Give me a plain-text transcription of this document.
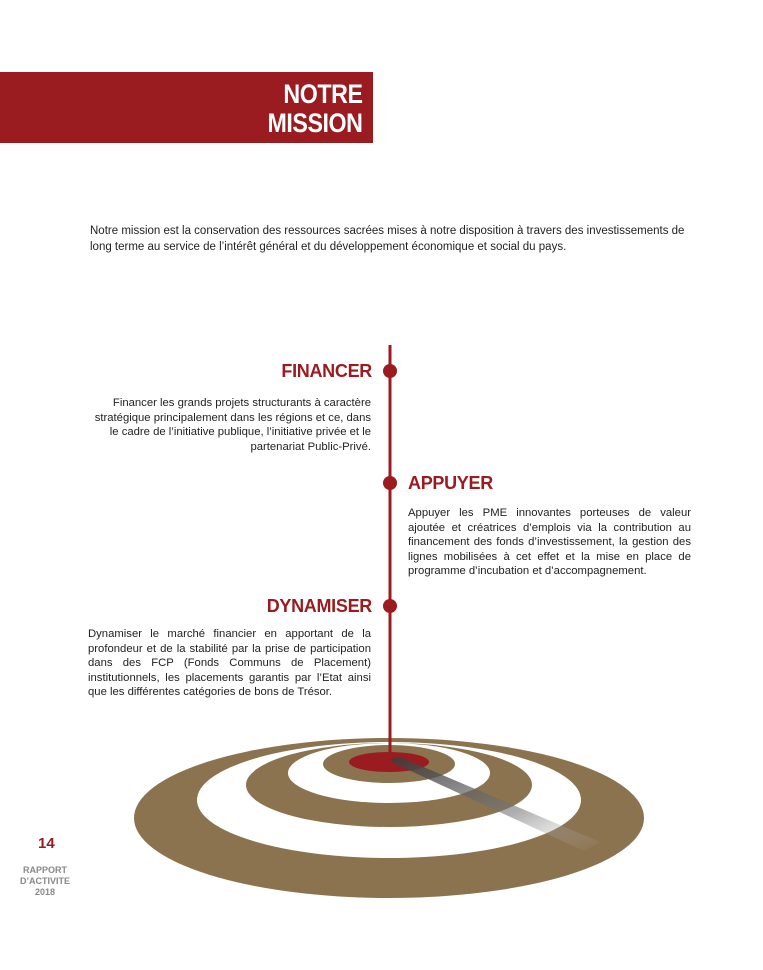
NOTRE
MISSION

Notre mission est la conservation des ressources sacrées mises à notre disposition à travers des investissements de long terme au service de l’intérêt général et du développement économique et social du pays.

FINANCER

Financer les grands projets structurants à caractère stratégique principalement dans les régions et ce, dans le cadre de l’initiative publique, l’initiative privée et le partenariat Public-Privé.

APPUYER

Appuyer les PME innovantes porteuses de valeur ajoutée et créatrices d’emplois via la contribution au financement des fonds d’investissement, la gestion des lignes mobilisées à cet effet et la mise en place de programme d’incubation et d’accompagnement.

DYNAMISER

Dynamiser le marché financier en apportant de la profondeur et de la stabilité par la prise de participation dans des FCP (Fonds Communs de Placement) institutionnels, les placements garantis par l’Etat ainsi que les différentes catégories de bons de Trésor.

14
RAPPORT
D’ACTIVITE
2018
